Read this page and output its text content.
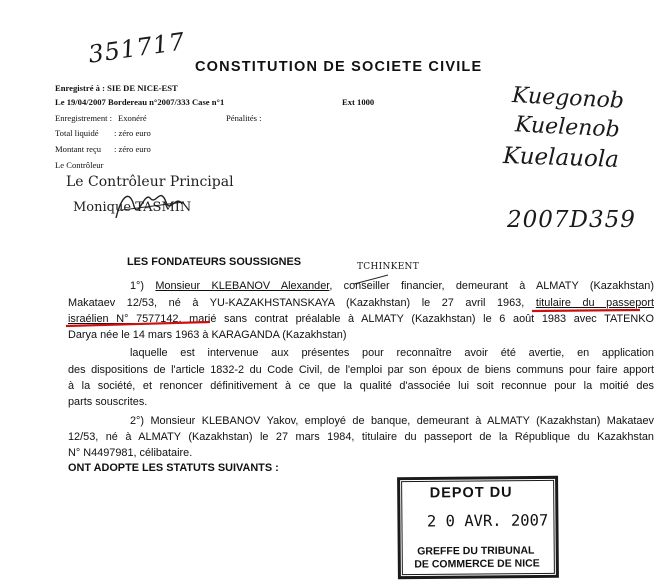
351717 CONSTITUTION DE SOCIETE CIVILE
Enregistré à : SIE DE NICE-EST
Le 19/04/2007 Bordereau n°2007/333 Case n°1	Ext 1000
Enregistrement : Exonéré	Pénalités :
Total liquidé : zéro euro
Montant reçu : zéro euro
Le Contrôleur
Le Contrôleur Principal
Monique TASMIN
Kuegonob
Kuelenob
Kuelauola
2007D359
LES FONDATEURS SOUSSIGNES	TCHINKENT
1°) Monsieur KLEBANOV Alexander, conseiller financier, demeurant à ALMATY (Kazakhstan)
Makataev 12/53, né à YU-KAZAKHSTANSKAYA (Kazakhstan) le 27 avril 1963, titulaire du passeport
israélien N° 7577142, marié sans contrat préalable à ALMATY (Kazakhstan) le 6 août 1983 avec TATENKO
Darya née le 14 mars 1963 à KARAGANDA (Kazakhstan)
laquelle est intervenue aux présentes pour reconnaître avoir été avertie, en application
des dispositions de l'article 1832-2 du Code Civil, de l'emploi par son époux de biens communs pour faire apport
à la société, et renoncer définitivement à ce que la qualité d'associée lui soit reconnue pour la moitié des
parts souscrites.
2°) Monsieur KLEBANOV Yakov, employé de banque, demeurant à ALMATY (Kazakhstan) Makataev
12/53, né à ALMATY (Kazakhstan) le 27 mars 1984, titulaire du passeport de la République du Kazakhstan
N° N4497981, célibataire.
ONT ADOPTE LES STATUTS SUIVANTS :
DEPOT DU
2 0 AVR. 2007
GREFFE DU TRIBUNAL
DE COMMERCE DE NICE
